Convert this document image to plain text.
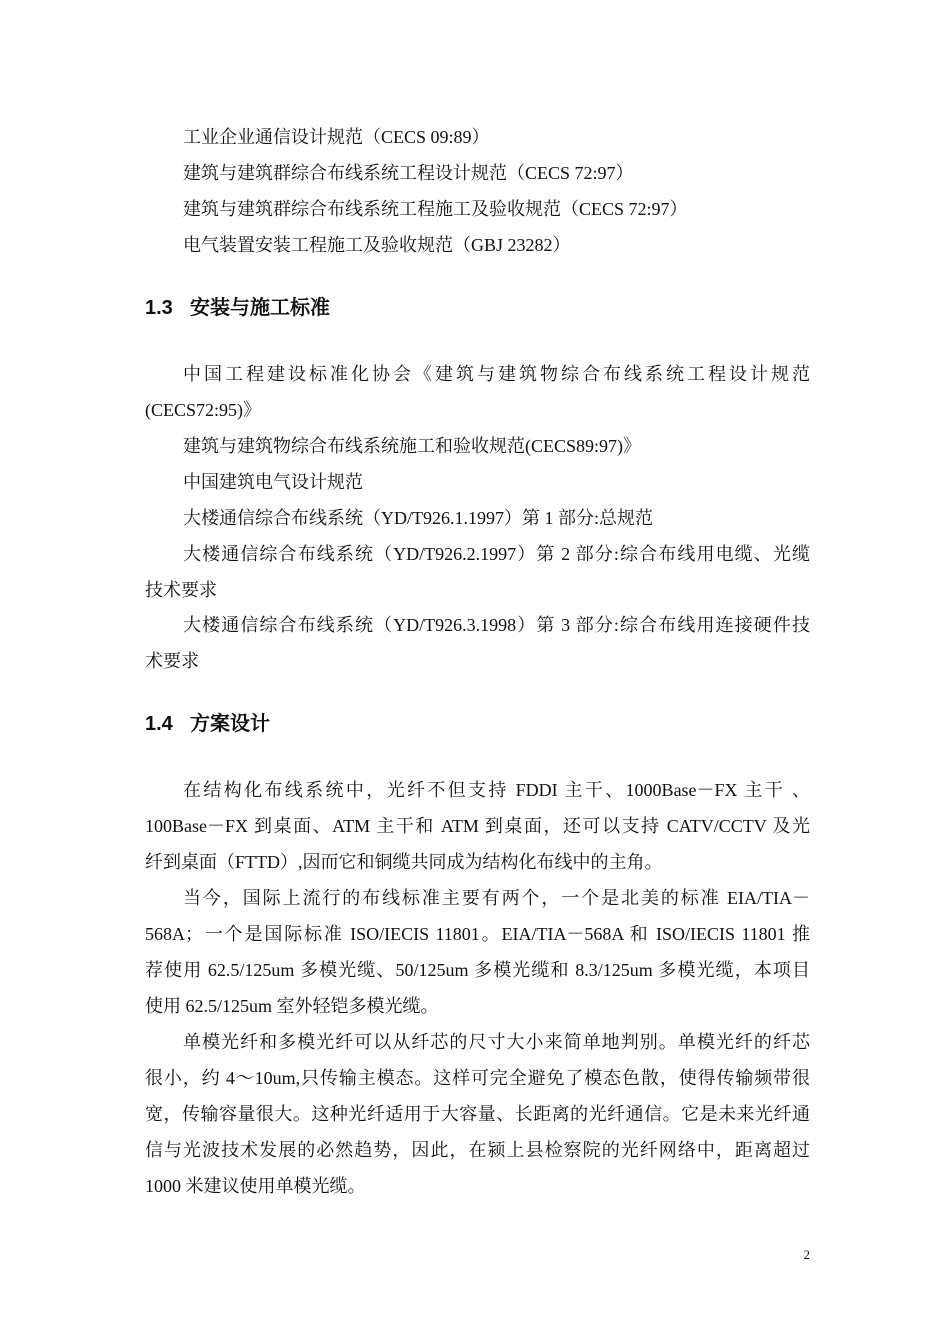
工业企业通信设计规范（CECS 09:89）
建筑与建筑群综合布线系统工程设计规范（CECS 72:97）
建筑与建筑群综合布线系统工程施工及验收规范（CECS 72:97）
电气装置安装工程施工及验收规范（GBJ 23282）
1.3 安装与施工标准
中国工程建设标准化协会《建筑与建筑物综合布线系统工程设计规范
(CECS72:95)》
建筑与建筑物综合布线系统施工和验收规范(CECS89:97)》
中国建筑电气设计规范
大楼通信综合布线系统（YD/T926.1.1997）第 1 部分:总规范
大楼通信综合布线系统（YD/T926.2.1997）第 2 部分:综合布线用电缆、光缆
技术要求
大楼通信综合布线系统（YD/T926.3.1998）第 3 部分:综合布线用连接硬件技
术要求
1.4 方案设计
在结构化布线系统中，光纤不但支持 FDDI 主干、1000Base－FX 主干 、
100Base－FX 到桌面、ATM 主干和 ATM 到桌面，还可以支持 CATV/CCTV 及光
纤到桌面（FTTD）,因而它和铜缆共同成为结构化布线中的主角。
当今，国际上流行的布线标准主要有两个，一个是北美的标准 EIA/TIA－
568A；一个是国际标准 ISO/IECIS 11801。EIA/TIA－568A 和 ISO/IECIS 11801 推
荐使用 62.5/125um 多模光缆、50/125um 多模光缆和 8.3/125um 多模光缆，本项目
使用 62.5/125um 室外轻铠多模光缆。
单模光纤和多模光纤可以从纤芯的尺寸大小来简单地判别。单模光纤的纤芯
很小，约 4～10um,只传输主模态。这样可完全避免了模态色散，使得传输频带很
宽，传输容量很大。这种光纤适用于大容量、长距离的光纤通信。它是未来光纤通
信与光波技术发展的必然趋势，因此，在颍上县检察院的光纤网络中，距离超过
1000 米建议使用单模光缆。
2
